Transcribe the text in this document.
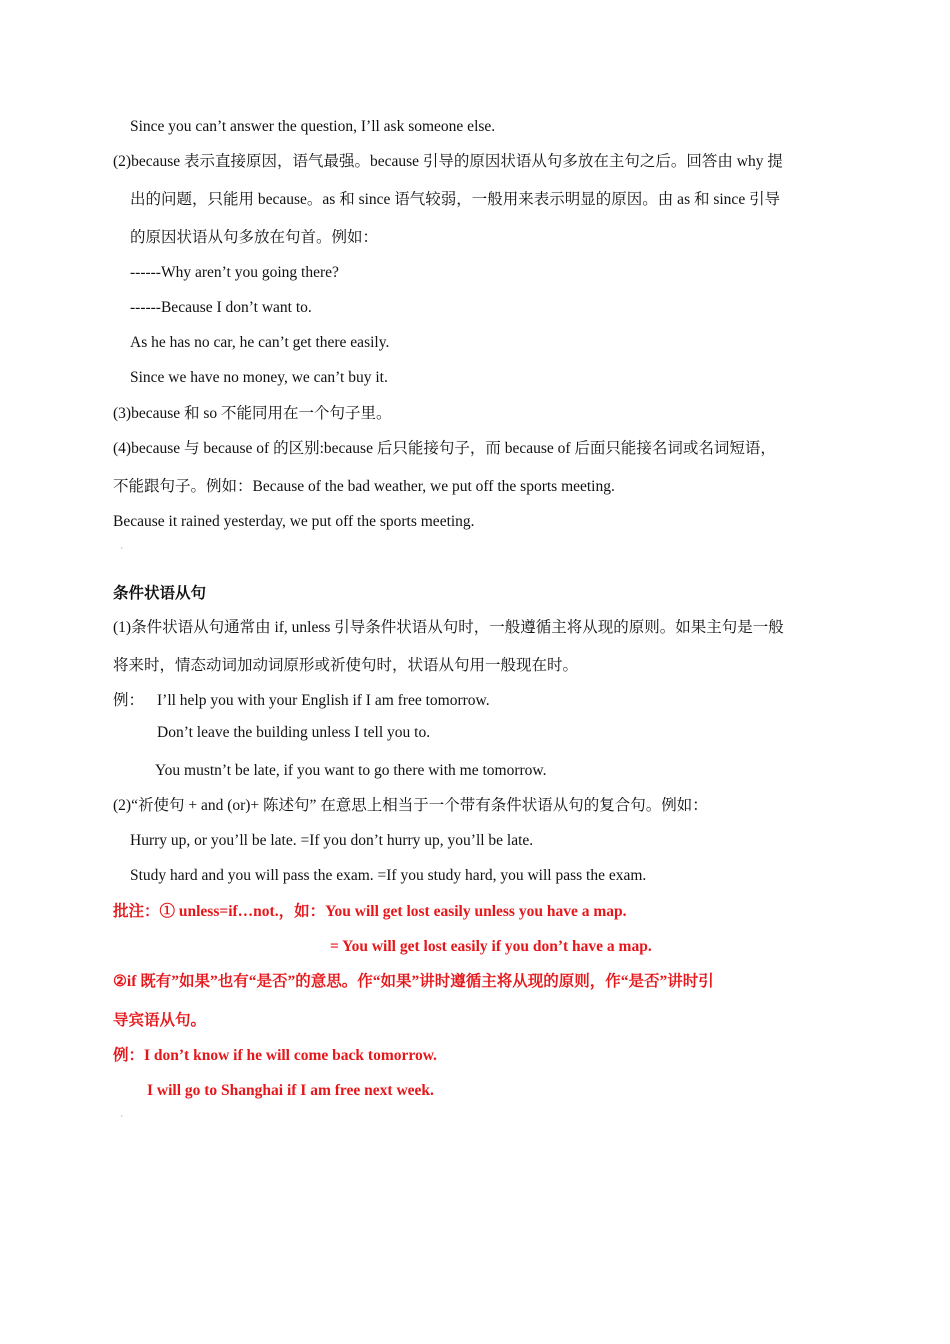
Since you can’t answer the question, I’ll ask someone else.
(2)because 表示直接原因，语气最强。because 引导的原因状语从句多放在主句之后。回答由 why 提
出的问题，只能用 because。as 和 since 语气较弱，一般用来表示明显的原因。由 as 和 since 引导
的原因状语从句多放在句首。例如：
------Why aren’t you going there?
------Because I don’t want to.
As he has no car, he can’t get there easily.
Since we have no money, we can’t buy it.
(3)because 和 so 不能同用在一个句子里。
(4)because 与 because of 的区别:because 后只能接句子，而 because of 后面只能接名词或名词短语，
不能跟句子。例如：Because of the bad weather, we put off the sports meeting.
Because it rained yesterday, we put off the sports meeting.
ˎ
条件状语从句
(1)条件状语从句通常由 if, unless 引导条件状语从句时，一般遵循主将从现的原则。如果主句是一般
将来时，情态动词加动词原形或祈使句时，状语从句用一般现在时。
例： I’ll help you with your English if I am free tomorrow.
Don’t leave the building unless I tell you to.
You mustn’t be late, if you want to go there with me tomorrow.
(2)“祈使句 + and (or)+ 陈述句” 在意思上相当于一个带有条件状语从句的复合句。例如：
Hurry up, or you’ll be late. =If you don’t hurry up, you’ll be late.
Study hard and you will pass the exam. =If you study hard, you will pass the exam.
批注：① unless=if…not.，如：You will get lost easily unless you have a map.
= You will get lost easily if you don’t have a map.
②if 既有”如果”也有“是否”的意思。作“如果”讲时遵循主将从现的原则，作“是否”讲时引
导宾语从句。
例：I don’t know if he will come back tomorrow.
I will go to Shanghai if I am free next week.
ˎ
